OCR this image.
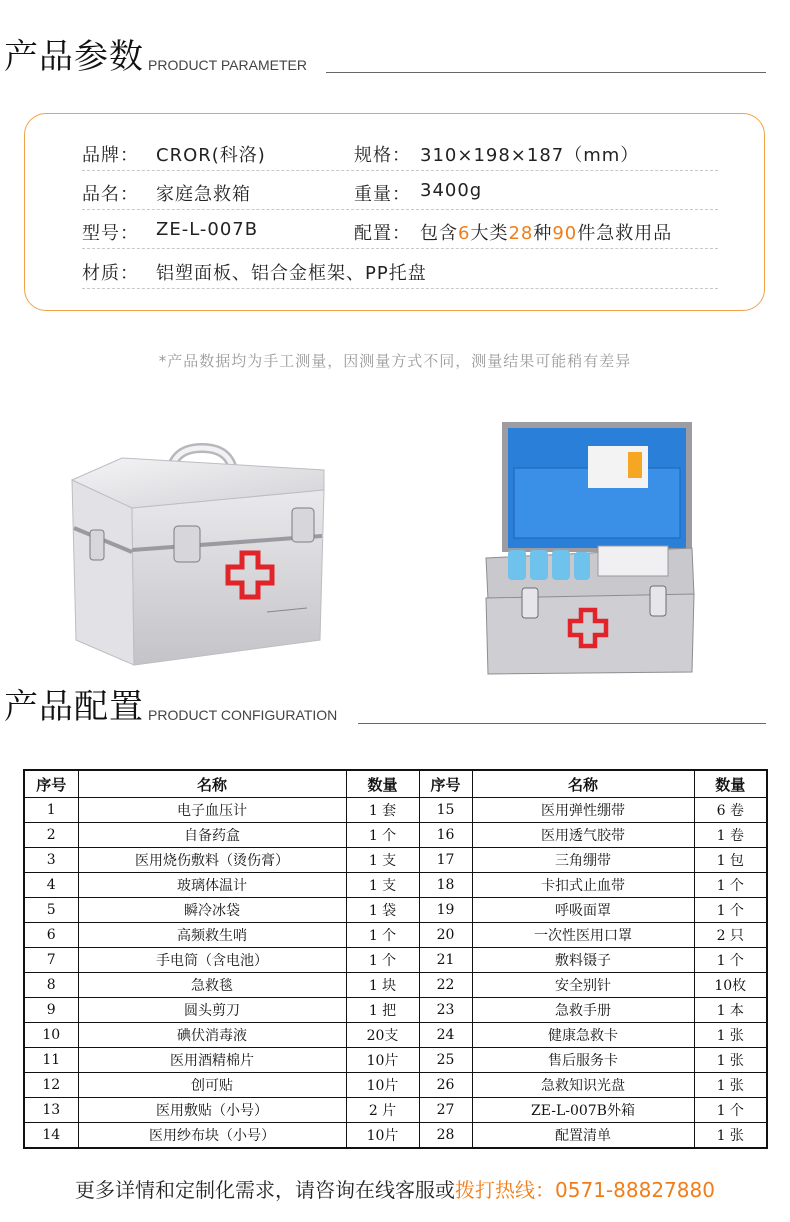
产品参数 PRODUCT PARAMETER
品牌： CROR(科洛)	规格： 310×198×187（mm）
品名： 家庭急救箱	重量： 3400g
型号： ZE-L-007B	配置： 包含6大类28种90件急救用品
材质： 铝塑面板、铝合金框架、PP托盘
*产品数据均为手工测量，因测量方式不同，测量结果可能稍有差异
产品配置 PRODUCT CONFIGURATION
序号	名称	数量	序号	名称	数量
1	电子血压计	1 套	15	医用弹性绷带	6 卷
2	自备药盒	1 个	16	医用透气胶带	1 卷
3	医用烧伤敷料（烫伤膏）	1 支	17	三角绷带	1 包
4	玻璃体温计	1 支	18	卡扣式止血带	1 个
5	瞬冷冰袋	1 袋	19	呼吸面罩	1 个
6	高频救生哨	1 个	20	一次性医用口罩	2 只
7	手电筒（含电池）	1 个	21	敷料镊子	1 个
8	急救毯	1 块	22	安全别针	10枚
9	圆头剪刀	1 把	23	急救手册	1 本
10	碘伏消毒液	20支	24	健康急救卡	1 张
11	医用酒精棉片	10片	25	售后服务卡	1 张
12	创可贴	10片	26	急救知识光盘	1 张
13	医用敷贴（小号）	2 片	27	ZE-L-007B外箱	1 个
14	医用纱布块（小号）	10片	28	配置清单	1 张
更多详情和定制化需求，请咨询在线客服或拨打热线：0571-88827880
